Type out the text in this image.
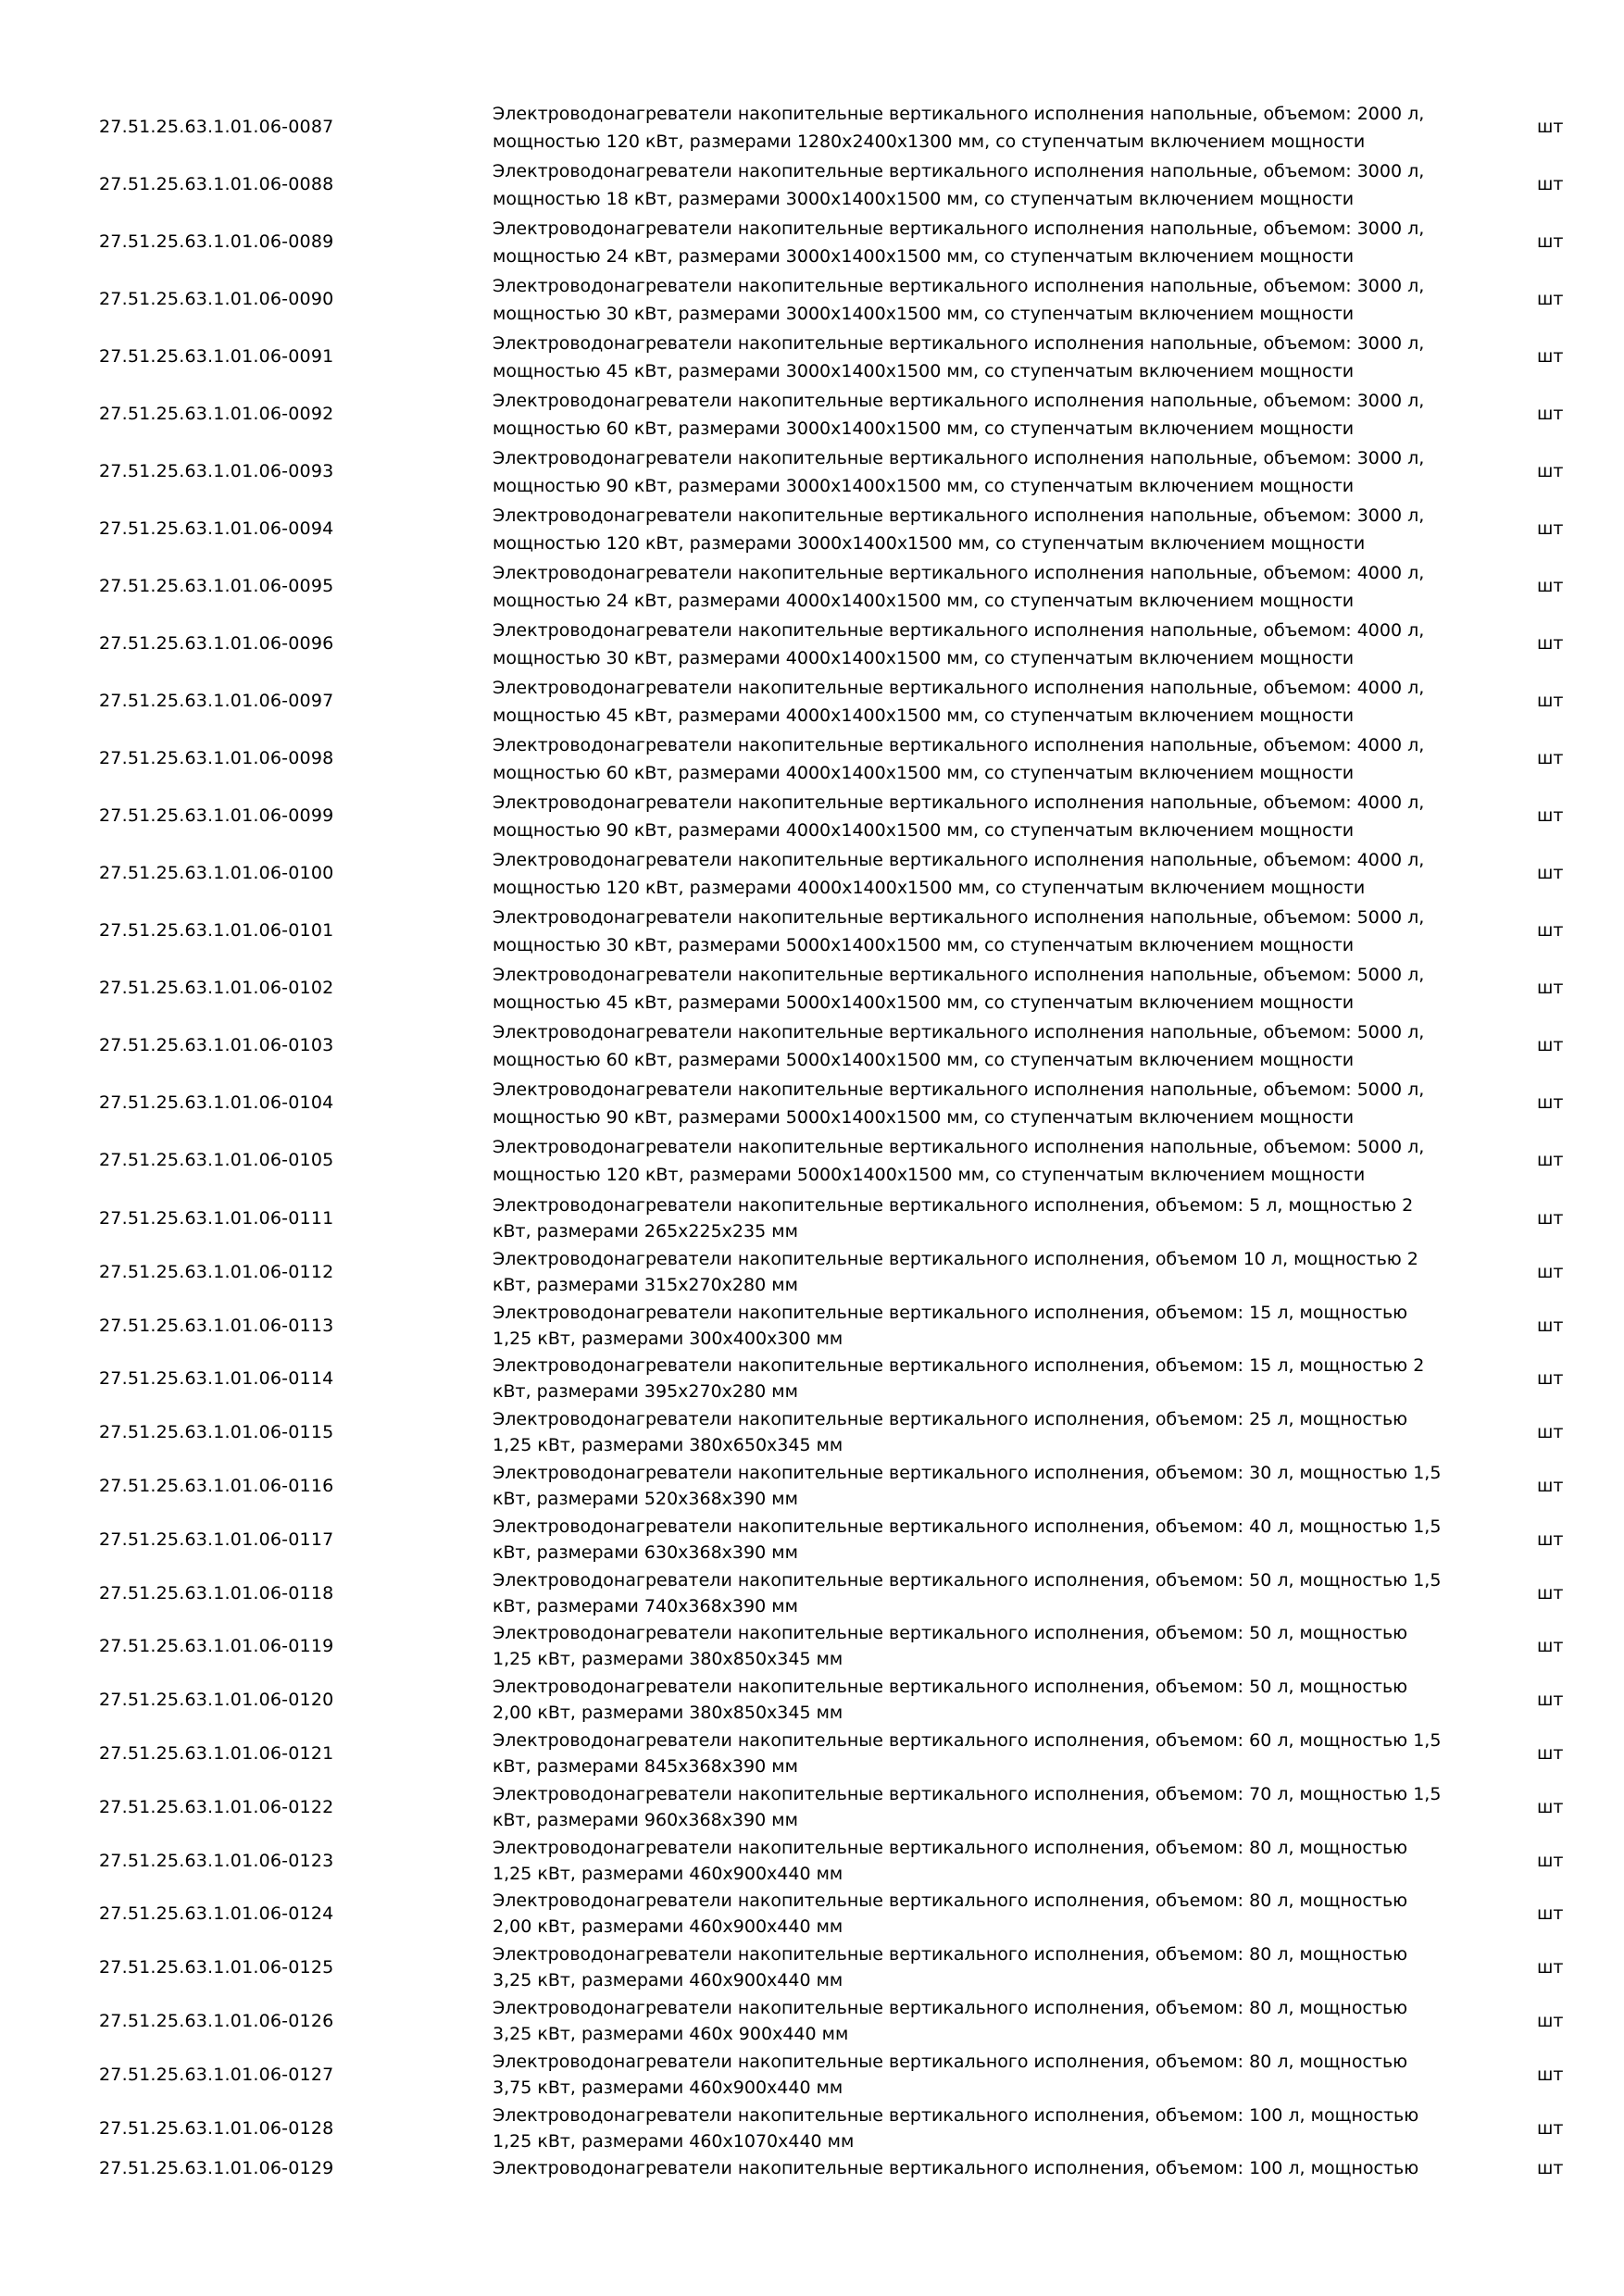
27.51.25.63.1.01.06-0087
Электроводонагреватели накопительные вертикального исполнения напольные, объемом: 2000 л,
мощностью 120 кВт, размерами 1280x2400x1300 мм, со ступенчатым включением мощности
шт
27.51.25.63.1.01.06-0088
Электроводонагреватели накопительные вертикального исполнения напольные, объемом: 3000 л,
мощностью 18 кВт, размерами 3000x1400x1500 мм, со ступенчатым включением мощности
шт
27.51.25.63.1.01.06-0089
Электроводонагреватели накопительные вертикального исполнения напольные, объемом: 3000 л,
мощностью 24 кВт, размерами 3000x1400x1500 мм, со ступенчатым включением мощности
шт
27.51.25.63.1.01.06-0090
Электроводонагреватели накопительные вертикального исполнения напольные, объемом: 3000 л,
мощностью 30 кВт, размерами 3000x1400x1500 мм, со ступенчатым включением мощности
шт
27.51.25.63.1.01.06-0091
Электроводонагреватели накопительные вертикального исполнения напольные, объемом: 3000 л,
мощностью 45 кВт, размерами 3000x1400x1500 мм, со ступенчатым включением мощности
шт
27.51.25.63.1.01.06-0092
Электроводонагреватели накопительные вертикального исполнения напольные, объемом: 3000 л,
мощностью 60 кВт, размерами 3000x1400x1500 мм, со ступенчатым включением мощности
шт
27.51.25.63.1.01.06-0093
Электроводонагреватели накопительные вертикального исполнения напольные, объемом: 3000 л,
мощностью 90 кВт, размерами 3000x1400x1500 мм, со ступенчатым включением мощности
шт
27.51.25.63.1.01.06-0094
Электроводонагреватели накопительные вертикального исполнения напольные, объемом: 3000 л,
мощностью 120 кВт, размерами 3000x1400x1500 мм, со ступенчатым включением мощности
шт
27.51.25.63.1.01.06-0095
Электроводонагреватели накопительные вертикального исполнения напольные, объемом: 4000 л,
мощностью 24 кВт, размерами 4000x1400x1500 мм, со ступенчатым включением мощности
шт
27.51.25.63.1.01.06-0096
Электроводонагреватели накопительные вертикального исполнения напольные, объемом: 4000 л,
мощностью 30 кВт, размерами 4000x1400x1500 мм, со ступенчатым включением мощности
шт
27.51.25.63.1.01.06-0097
Электроводонагреватели накопительные вертикального исполнения напольные, объемом: 4000 л,
мощностью 45 кВт, размерами 4000x1400x1500 мм, со ступенчатым включением мощности
шт
27.51.25.63.1.01.06-0098
Электроводонагреватели накопительные вертикального исполнения напольные, объемом: 4000 л,
мощностью 60 кВт, размерами 4000x1400x1500 мм, со ступенчатым включением мощности
шт
27.51.25.63.1.01.06-0099
Электроводонагреватели накопительные вертикального исполнения напольные, объемом: 4000 л,
мощностью 90 кВт, размерами 4000x1400x1500 мм, со ступенчатым включением мощности
шт
27.51.25.63.1.01.06-0100
Электроводонагреватели накопительные вертикального исполнения напольные, объемом: 4000 л,
мощностью 120 кВт, размерами 4000x1400x1500 мм, со ступенчатым включением мощности
шт
27.51.25.63.1.01.06-0101
Электроводонагреватели накопительные вертикального исполнения напольные, объемом: 5000 л,
мощностью 30 кВт, размерами 5000x1400x1500 мм, со ступенчатым включением мощности
шт
27.51.25.63.1.01.06-0102
Электроводонагреватели накопительные вертикального исполнения напольные, объемом: 5000 л,
мощностью 45 кВт, размерами 5000x1400x1500 мм, со ступенчатым включением мощности
шт
27.51.25.63.1.01.06-0103
Электроводонагреватели накопительные вертикального исполнения напольные, объемом: 5000 л,
мощностью 60 кВт, размерами 5000x1400x1500 мм, со ступенчатым включением мощности
шт
27.51.25.63.1.01.06-0104
Электроводонагреватели накопительные вертикального исполнения напольные, объемом: 5000 л,
мощностью 90 кВт, размерами 5000x1400x1500 мм, со ступенчатым включением мощности
шт
27.51.25.63.1.01.06-0105
Электроводонагреватели накопительные вертикального исполнения напольные, объемом: 5000 л,
мощностью 120 кВт, размерами 5000x1400x1500 мм, со ступенчатым включением мощности
шт
27.51.25.63.1.01.06-0111
Электроводонагреватели накопительные вертикального исполнения, объемом: 5 л, мощностью 2
кВт, размерами 265x225x235 мм
шт
27.51.25.63.1.01.06-0112
Электроводонагреватели накопительные вертикального исполнения, объемом 10 л, мощностью 2
кВт, размерами 315x270x280 мм
шт
27.51.25.63.1.01.06-0113
Электроводонагреватели накопительные вертикального исполнения, объемом: 15 л, мощностью
1,25 кВт, размерами 300x400x300 мм
шт
27.51.25.63.1.01.06-0114
Электроводонагреватели накопительные вертикального исполнения, объемом: 15 л, мощностью 2
кВт, размерами 395x270x280 мм
шт
27.51.25.63.1.01.06-0115
Электроводонагреватели накопительные вертикального исполнения, объемом: 25 л, мощностью
1,25 кВт, размерами 380x650x345 мм
шт
27.51.25.63.1.01.06-0116
Электроводонагреватели накопительные вертикального исполнения, объемом: 30 л, мощностью 1,5
кВт, размерами 520x368x390 мм
шт
27.51.25.63.1.01.06-0117
Электроводонагреватели накопительные вертикального исполнения, объемом: 40 л, мощностью 1,5
кВт, размерами 630x368x390 мм
шт
27.51.25.63.1.01.06-0118
Электроводонагреватели накопительные вертикального исполнения, объемом: 50 л, мощностью 1,5
кВт, размерами 740x368x390 мм
шт
27.51.25.63.1.01.06-0119
Электроводонагреватели накопительные вертикального исполнения, объемом: 50 л, мощностью
1,25 кВт, размерами 380x850x345 мм
шт
27.51.25.63.1.01.06-0120
Электроводонагреватели накопительные вертикального исполнения, объемом: 50 л, мощностью
2,00 кВт, размерами 380x850x345 мм
шт
27.51.25.63.1.01.06-0121
Электроводонагреватели накопительные вертикального исполнения, объемом: 60 л, мощностью 1,5
кВт, размерами 845x368x390 мм
шт
27.51.25.63.1.01.06-0122
Электроводонагреватели накопительные вертикального исполнения, объемом: 70 л, мощностью 1,5
кВт, размерами 960x368x390 мм
шт
27.51.25.63.1.01.06-0123
Электроводонагреватели накопительные вертикального исполнения, объемом: 80 л, мощностью
1,25 кВт, размерами 460x900x440 мм
шт
27.51.25.63.1.01.06-0124
Электроводонагреватели накопительные вертикального исполнения, объемом: 80 л, мощностью
2,00 кВт, размерами 460x900x440 мм
шт
27.51.25.63.1.01.06-0125
Электроводонагреватели накопительные вертикального исполнения, объемом: 80 л, мощностью
3,25 кВт, размерами 460x900x440 мм
шт
27.51.25.63.1.01.06-0126
Электроводонагреватели накопительные вертикального исполнения, объемом: 80 л, мощностью
3,25 кВт, размерами 460x 900x440 мм
шт
27.51.25.63.1.01.06-0127
Электроводонагреватели накопительные вертикального исполнения, объемом: 80 л, мощностью
3,75 кВт, размерами 460x900x440 мм
шт
27.51.25.63.1.01.06-0128
Электроводонагреватели накопительные вертикального исполнения, объемом: 100 л, мощностью
1,25 кВт, размерами 460x1070x440 мм
шт
27.51.25.63.1.01.06-0129	Электроводонагреватели накопительные вертикального исполнения, объемом: 100 л, мощностью	шт
